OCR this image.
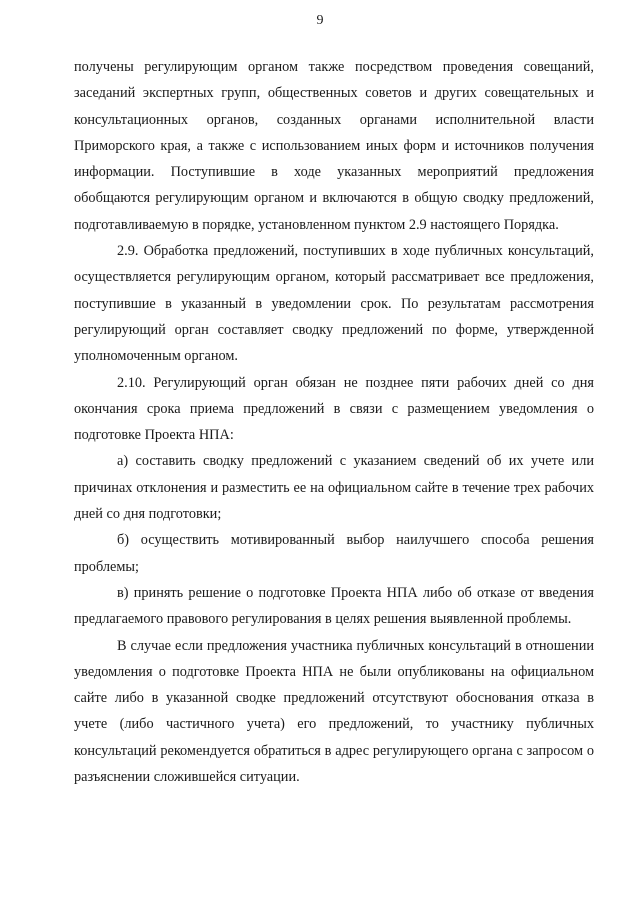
9

получены регулирующим органом также посредством проведения совещаний, заседаний экспертных групп, общественных советов и других совещательных и консультационных органов, созданных органами исполнительной власти Приморского края, а также с использованием иных форм и источников получения информации. Поступившие в ходе указанных мероприятий предложения обобщаются регулирующим органом и включаются в общую сводку предложений, подготавливаемую в порядке, установленном пунктом 2.9 настоящего Порядка.

2.9. Обработка предложений, поступивших в ходе публичных консультаций, осуществляется регулирующим органом, который рассматривает все предложения, поступившие в указанный в уведомлении срок. По результатам рассмотрения регулирующий орган составляет сводку предложений по форме, утвержденной уполномоченным органом.

2.10. Регулирующий орган обязан не позднее пяти рабочих дней со дня окончания срока приема предложений в связи с размещением уведомления о подготовке Проекта НПА:

а) составить сводку предложений с указанием сведений об их учете или причинах отклонения и разместить ее на официальном сайте в течение трех рабочих дней со дня подготовки;

б) осуществить мотивированный выбор наилучшего способа решения проблемы;

в) принять решение о подготовке Проекта НПА либо об отказе от введения предлагаемого правового регулирования в целях решения выявленной проблемы.

В случае если предложения участника публичных консультаций в отношении уведомления о подготовке Проекта НПА не были опубликованы на официальном сайте либо в указанной сводке предложений отсутствуют обоснования отказа в учете (либо частичного учета) его предложений, то участнику публичных консультаций рекомендуется обратиться в адрес регулирующего органа с запросом о разъяснении сложившейся ситуации.
